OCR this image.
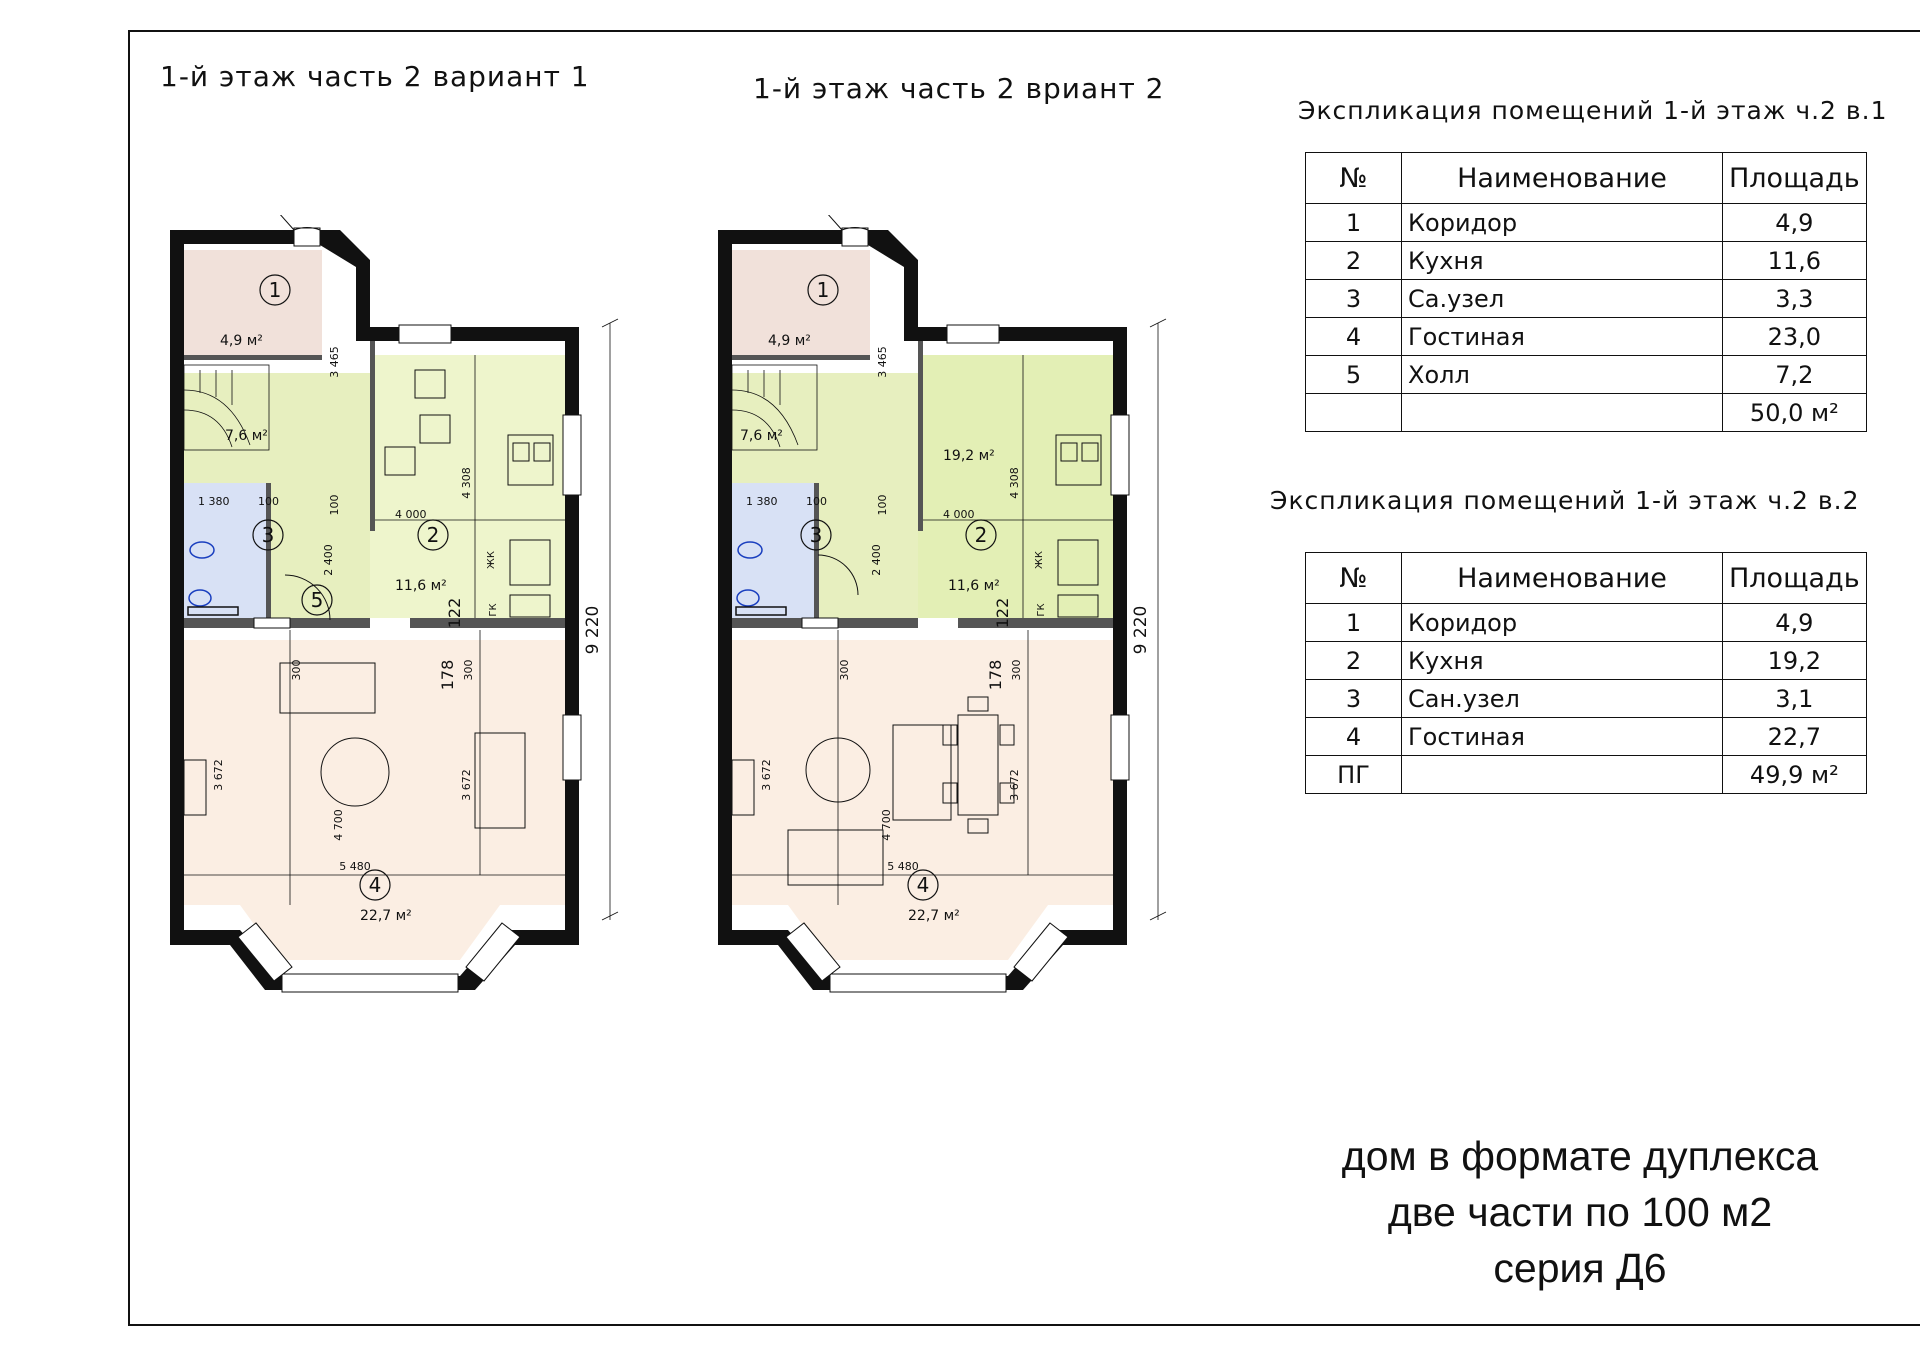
1-й этаж часть 2 вариант 1	1-й этаж часть 2 вриант 2
9 220
4 000
4 308
2 400
1 380	100	100
3 465
178
122
300	300
3 672	3 672
4 700
5 480
ЖК
ГК
1
4,9 м²
7,6 м²
2
11,6 м²
3
5
4
22,7 м²
9 220
4 000
4 308
2 400
1 380	100	100
3 465
178
122
300	300
3 672	3 672
4 700
5 480
ЖК
ГК
1
4,9 м²
7,6 м²
19,2 м²
2
11,6 м²
3
4
22,7 м²
Экспликация помещений 1-й этаж ч.2 в.1
№	Наименование	Площадь
1	Коридор	4,9
2	Кухня	11,6
3	Са.узел	3,3
4	Гостиная	23,0
5	Холл	7,2
		50,0 м²
Экспликация помещений 1-й этаж ч.2 в.2
№	Наименование	Площадь
1	Коридор	4,9
2	Кухня	19,2
3	Сан.узел	3,1
4	Гостиная	22,7
ПГ		49,9 м²
дом в формате дуплекса
две части по 100 м2
серия Д6
